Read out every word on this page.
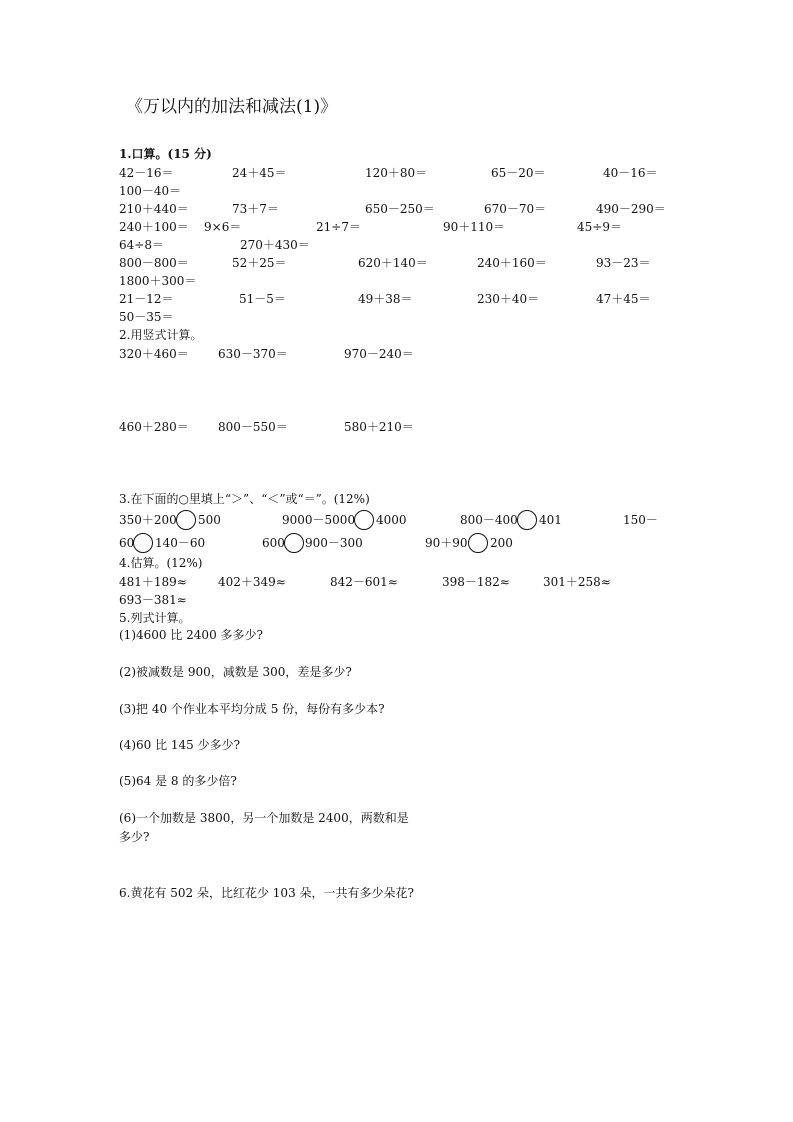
《万以内的加法和减法(1)》
1.口算。(15 分)
42－16＝	24＋45＝	120＋80＝	65－20＝	40－16＝
100－40＝
210＋440＝	73＋7＝	650－250＝	670－70＝	490－290＝
240＋100＝ 9×6＝	21÷7＝	90＋110＝	45÷9＝
64÷8＝	270＋430＝
800－800＝	52＋25＝	620＋140＝	240＋160＝	93－23＝
1800＋300＝
21－12＝	51－5＝	49＋38＝	230＋40＝	47＋45＝
50－35＝
2.用竖式计算。
320＋460＝ 630－370＝	970－240＝
460＋280＝ 800－550＝	580＋210＝
3.在下面的○里填上“＞”、“＜”或“＝”。(12%)
350＋200 500	9000－5000 4000	800－400 401	150－
60 140－60	600 900－300	90＋90 200
4.估算。(12%)
481＋189≈	402＋349≈	842－601≈	398－182≈	301＋258≈
693－381≈
5.列式计算。
(1)4600 比 2400 多多少?
(2)被减数是 900，减数是 300，差是多少?
(3)把 40 个作业本平均分成 5 份，每份有多少本?
(4)60 比 145 少多少?
(5)64 是 8 的多少倍?
(6)一个加数是 3800，另一个加数是 2400，两数和是
多少?
6.黄花有 502 朵，比红花少 103 朵，一共有多少朵花?
